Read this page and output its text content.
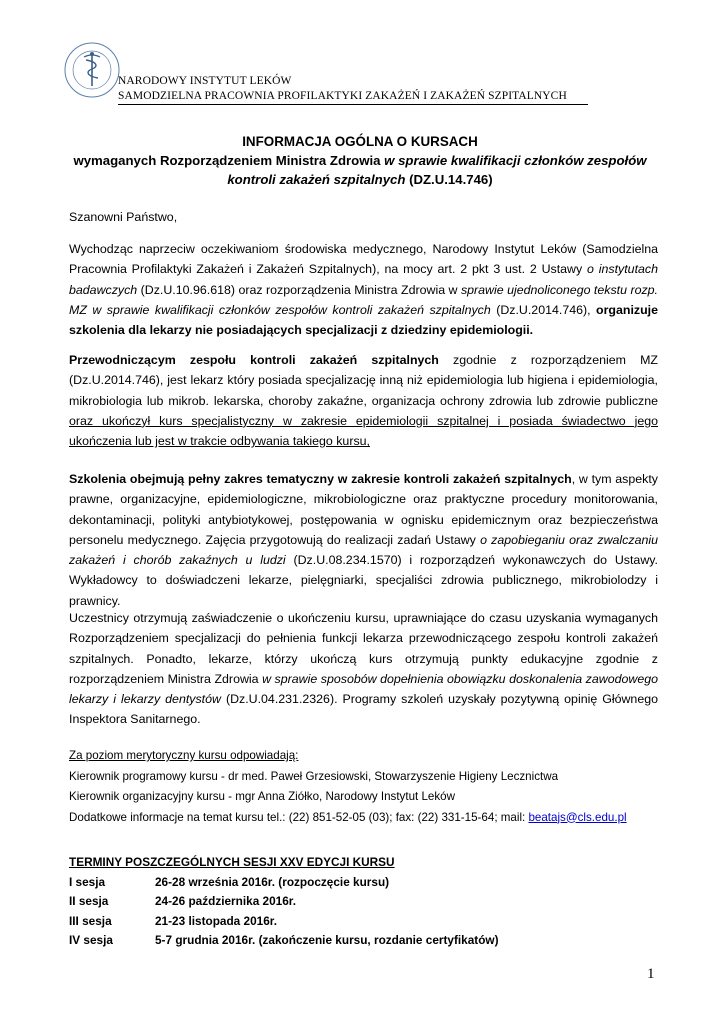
NARODOWY INSTYTUT LEKÓW
SAMODZIELNA PRACOWNIA PROFILAKTYKI ZAKAŻEŃ I ZAKAŻEŃ SZPITALNYCH
INFORMACJA OGÓLNA O KURSACH
wymaganych Rozporządzeniem Ministra Zdrowia w sprawie kwalifikacji członków zespołów kontroli zakażeń szpitalnych (DZ.U.14.746)
Szanowni Państwo,
Wychodząc naprzeciw oczekiwaniom środowiska medycznego, Narodowy Instytut Leków (Samodzielna Pracownia Profilaktyki Zakażeń i Zakażeń Szpitalnych), na mocy art. 2 pkt 3 ust. 2 Ustawy o instytutach badawczych (Dz.U.10.96.618) oraz rozporządzenia Ministra Zdrowia w sprawie ujednoliconego tekstu rozp. MZ w sprawie kwalifikacji członków zespołów kontroli zakażeń szpitalnych (Dz.U.2014.746), organizuje szkolenia dla lekarzy nie posiadających specjalizacji z dziedziny epidemiologii.
Przewodniczącym zespołu kontroli zakażeń szpitalnych zgodnie z rozporządzeniem MZ (Dz.U.2014.746), jest lekarz który posiada specjalizację inną niż epidemiologia lub higiena i epidemiologia, mikrobiologia lub mikrob. lekarska, choroby zakaźne, organizacja ochrony zdrowia lub zdrowie publiczne oraz ukończył kurs specjalistyczny w zakresie epidemiologii szpitalnej i posiada świadectwo jego ukończenia lub jest w trakcie odbywania takiego kursu,
Szkolenia obejmują pełny zakres tematyczny w zakresie kontroli zakażeń szpitalnych, w tym aspekty prawne, organizacyjne, epidemiologiczne, mikrobiologiczne oraz praktyczne procedury monitorowania, dekontaminacji, polityki antybiotykowej, postępowania w ognisku epidemicznym oraz bezpieczeństwa personelu medycznego. Zajęcia przygotowują do realizacji zadań Ustawy o zapobieganiu oraz zwalczaniu zakażeń i chorób zakaźnych u ludzi (Dz.U.08.234.1570) i rozporządzeń wykonawczych do Ustawy. Wykładowcy to doświadczeni lekarze, pielęgniarki, specjaliści zdrowia publicznego, mikrobiolodzy i prawnicy.
Uczestnicy otrzymują zaświadczenie o ukończeniu kursu, uprawniające do czasu uzyskania wymaganych Rozporządzeniem specjalizacji do pełnienia funkcji lekarza przewodniczącego zespołu kontroli zakażeń szpitalnych. Ponadto, lekarze, którzy ukończą kurs otrzymują punkty edukacyjne zgodnie z rozporządzeniem Ministra Zdrowia w sprawie sposobów dopełnienia obowiązku doskonalenia zawodowego lekarzy i lekarzy dentystów (Dz.U.04.231.2326). Programy szkoleń uzyskały pozytywną opinię Głównego Inspektora Sanitarnego.
Za poziom merytoryczny kursu odpowiadają:
Kierownik programowy kursu - dr med. Paweł Grzesiowski, Stowarzyszenie Higieny Lecznictwa
Kierownik organizacyjny kursu - mgr Anna Ziółko, Narodowy Instytut Leków
Dodatkowe informacje na temat kursu tel.: (22) 851-52-05 (03); fax: (22) 331-15-64; mail: beatajs@cls.edu.pl
TERMINY POSZCZEGÓLNYCH SESJI XXV EDYCJI KURSU
I sesja	26-28 września 2016r. (rozpoczęcie kursu)
II sesja	24-26 października 2016r.
III sesja	21-23 listopada 2016r.
IV sesja	5-7 grudnia 2016r. (zakończenie kursu, rozdanie certyfikatów)
1
